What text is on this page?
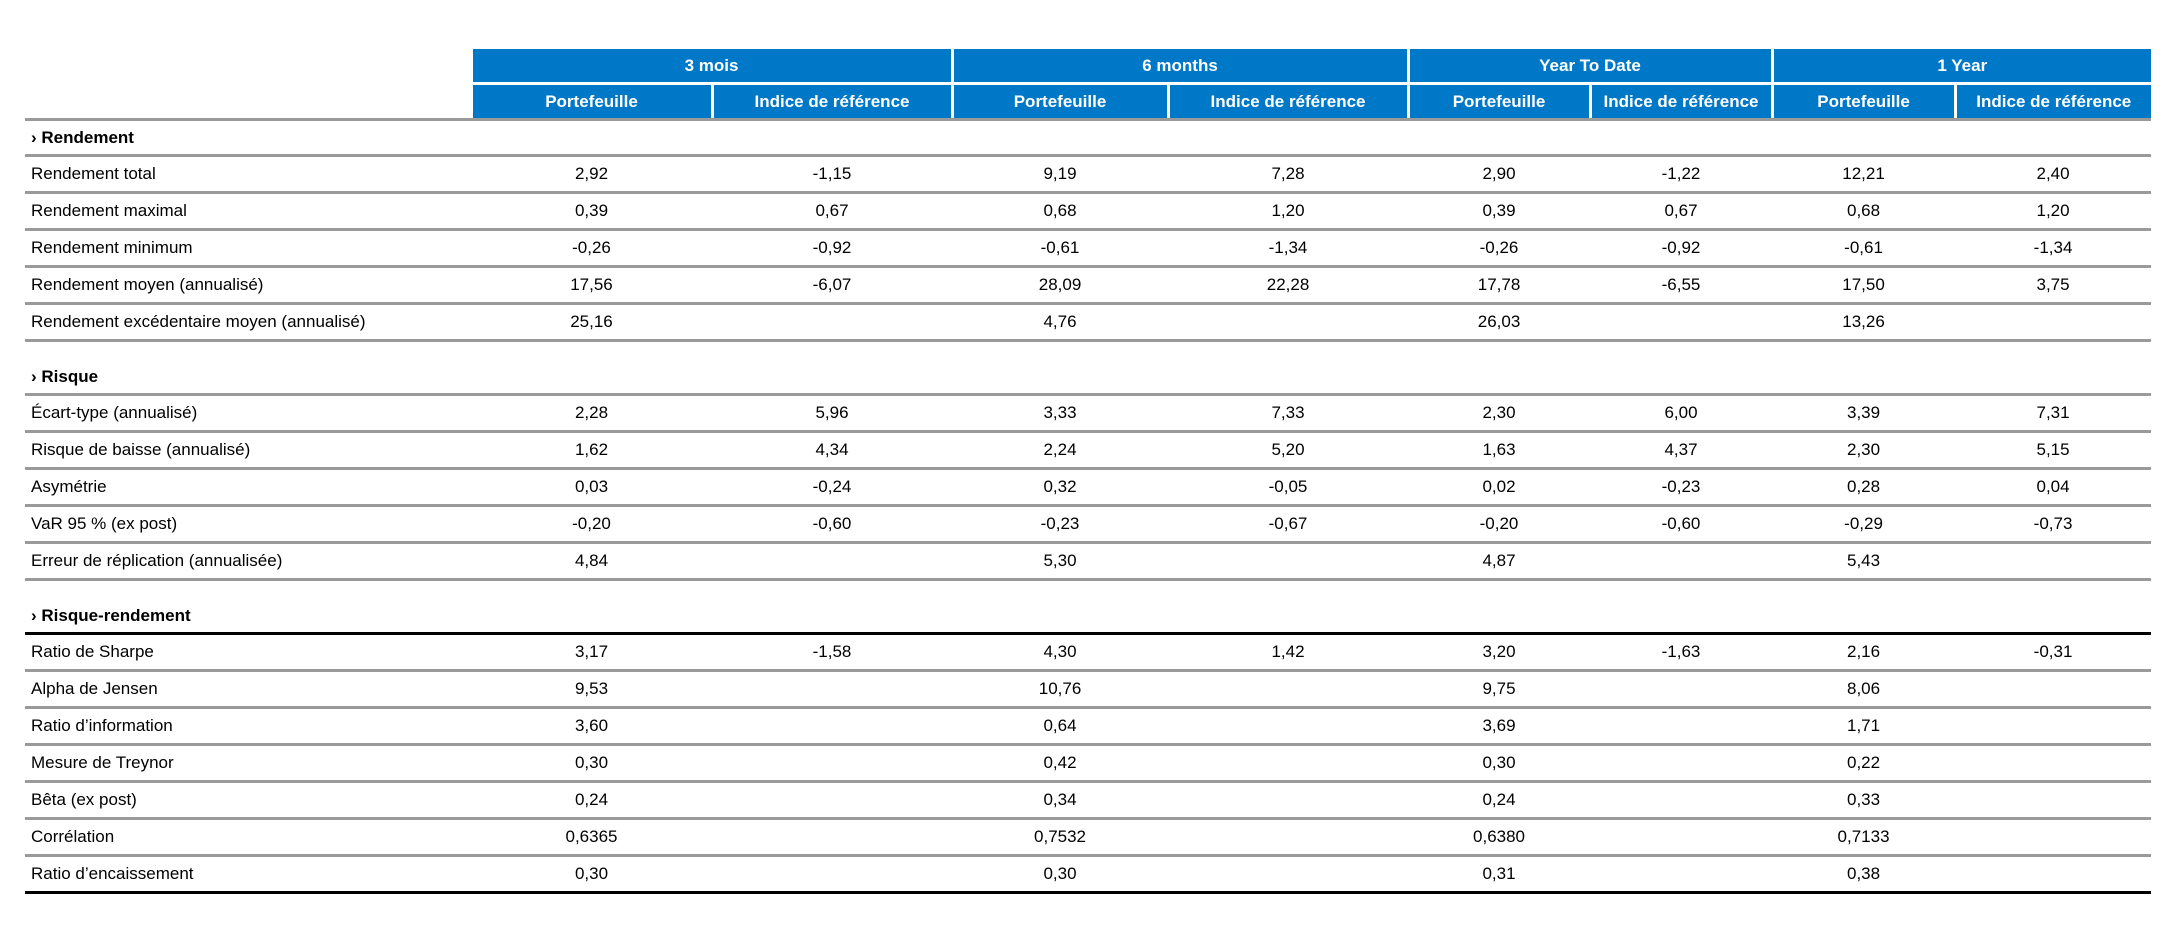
	3 mois		6 months		Year To Date		1 Year	
	Portefeuille	Indice de référence	Portefeuille	Indice de référence	Portefeuille	Indice de référence	Portefeuille	Indice de référence
› Rendement								
Rendement total	2,92	-1,15	9,19	7,28	2,90	-1,22	12,21	2,40
Rendement maximal	0,39	0,67	0,68	1,20	0,39	0,67	0,68	1,20
Rendement minimum	-0,26	-0,92	-0,61	-1,34	-0,26	-0,92	-0,61	-1,34
Rendement moyen (annualisé)	17,56	-6,07	28,09	22,28	17,78	-6,55	17,50	3,75
Rendement excédentaire moyen (annualisé)	25,16		4,76		26,03		13,26	

› Risque								
Écart-type (annualisé)	2,28	5,96	3,33	7,33	2,30	6,00	3,39	7,31
Risque de baisse (annualisé)	1,62	4,34	2,24	5,20	1,63	4,37	2,30	5,15
Asymétrie	0,03	-0,24	0,32	-0,05	0,02	-0,23	0,28	0,04
VaR 95 % (ex post)	-0,20	-0,60	-0,23	-0,67	-0,20	-0,60	-0,29	-0,73
Erreur de réplication (annualisée)	4,84		5,30		4,87		5,43	

› Risque-rendement								
Ratio de Sharpe	3,17	-1,58	4,30	1,42	3,20	-1,63	2,16	-0,31
Alpha de Jensen	9,53		10,76		9,75		8,06	
Ratio d’information	3,60		0,64		3,69		1,71	
Mesure de Treynor	0,30		0,42		0,30		0,22	
Bêta (ex post)	0,24		0,34		0,24		0,33	
Corrélation	0,6365		0,7532		0,6380		0,7133	
Ratio d’encaissement	0,30		0,30		0,31		0,38	
